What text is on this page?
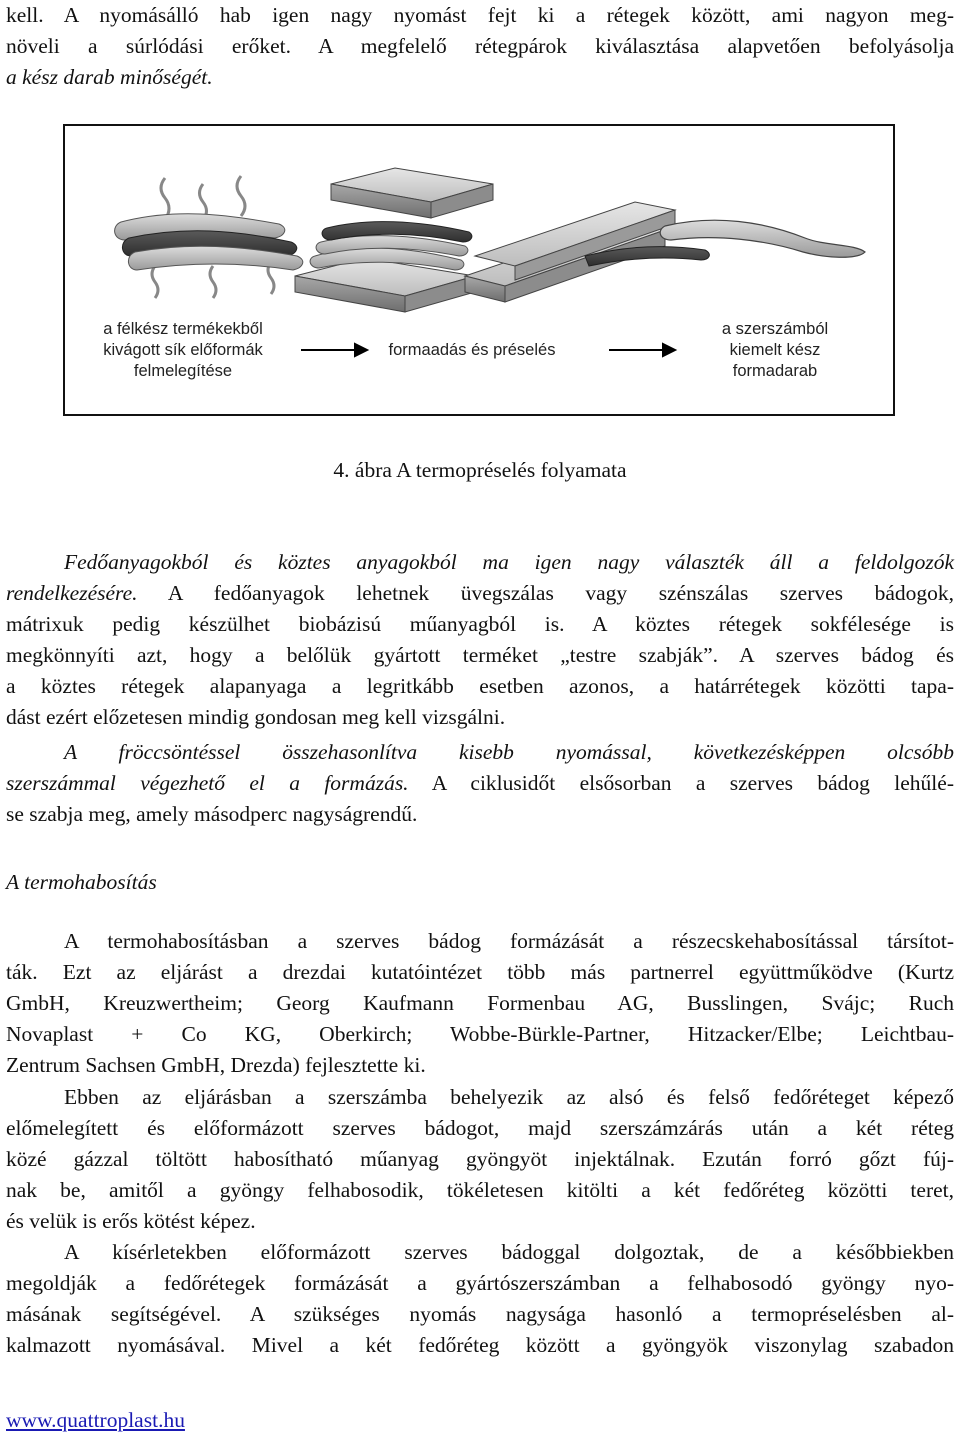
kell. A nyomásálló hab igen nagy nyomást fejt ki a rétegek között, ami nagyon meg-
növeli a súrlódási erőket. A megfelelő rétegpárok kiválasztása alapvetően befolyásolja
a kész darab minőségét.

a félkész termékekből
kivágott sík előformák
felmelegítése
formaadás és préselés
a szerszámból
kiemelt kész
formadarab

4. ábra A termopréselés folyamata

Fedőanyagokból és köztes anyagokból ma igen nagy választék áll a feldolgozók
rendelkezésére. A fedőanyagok lehetnek üvegszálas vagy szénszálas szerves bádogok,
mátrixuk pedig készülhet biobázisú műanyagból is. A köztes rétegek sokfélesége is
megkönnyíti azt, hogy a belőlük gyártott terméket „testre szabják”. A szerves bádog és
a köztes rétegek alapanyaga a legritkább esetben azonos, a határrétegek közötti tapa-
dást ezért előzetesen mindig gondosan meg kell vizsgálni.

A fröccsöntéssel összehasonlítva kisebb nyomással, következésképpen olcsóbb
szerszámmal végezhető el a formázás. A ciklusidőt elsősorban a szerves bádog lehűlé-
se szabja meg, amely másodperc nagyságrendű.

A termohabosítás

A termohabosításban a szerves bádog formázását a részecskehabosítással társítot-
ták. Ezt az eljárást a drezdai kutatóintézet több más partnerrel együttműködve (Kurtz
GmbH, Kreuzwertheim; Georg Kaufmann Formenbau AG, Busslingen, Svájc; Ruch
Novaplast + Co KG, Oberkirch; Wobbe-Bürkle-Partner, Hitzacker/Elbe; Leichtbau-
Zentrum Sachsen GmbH, Drezda) fejlesztette ki.

Ebben az eljárásban a szerszámba behelyezik az alsó és felső fedőréteget képező
előmelegített és előformázott szerves bádogot, majd szerszámzárás után a két réteg
közé gázzal töltött habosítható műanyag gyöngyöt injektálnak. Ezután forró gőzt fúj-
nak be, amitől a gyöngy felhabosodik, tökéletesen kitölti a két fedőréteg közötti teret,
és velük is erős kötést képez.

A kísérletekben előformázott szerves bádoggal dolgoztak, de a későbbiekben
megoldják a fedőrétegek formázását a gyártószerszámban a felhabosodó gyöngy nyo-
másának segítségével. A szükséges nyomás nagysága hasonló a termopréselésben al-
kalmazott nyomásával. Mivel a két fedőréteg között a gyöngyök viszonylag szabadon

www.quattroplast.hu
